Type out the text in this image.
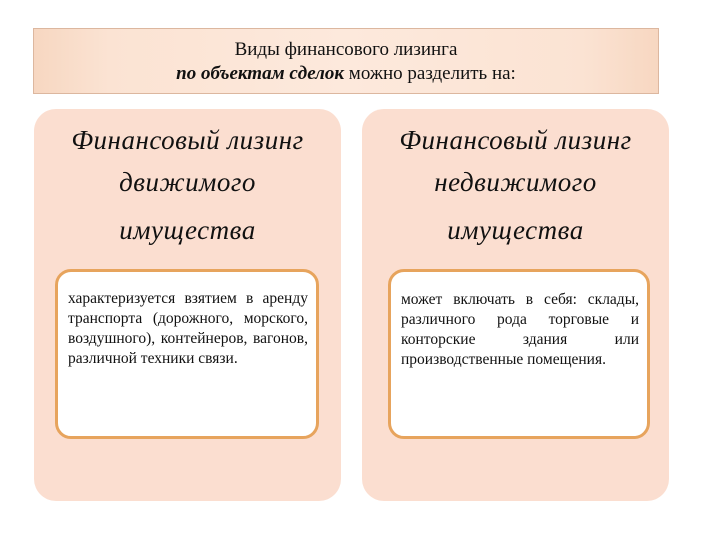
Виды финансового лизинга
по объектам сделок можно разделить на:
Финансовый лизинг
движимого
имущества
характеризуется взятием в аренду транспорта (дорожного, морского, воздушного), контейнеров, вагонов, различной техники связи.
Финансовый лизинг
недвижимого
имущества
может включать в себя: склады, различного рода торговые и конторские здания или производственные помещения.
